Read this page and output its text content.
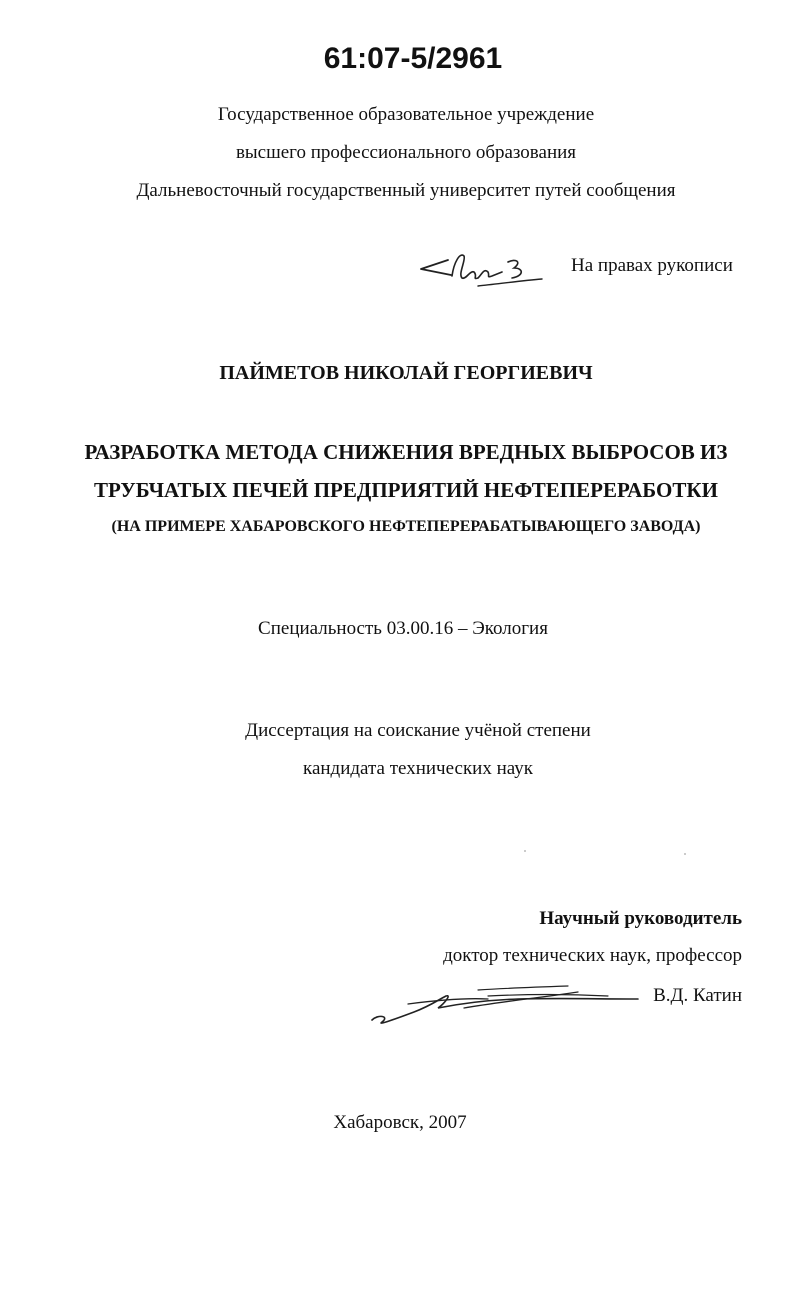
61:07-5/2961
Государственное образовательное учреждение
высшего профессионального образования
Дальневосточный государственный университет путей сообщения
На правах рукописи
ПАЙМЕТОВ НИКОЛАЙ ГЕОРГИЕВИЧ
РАЗРАБОТКА МЕТОДА СНИЖЕНИЯ ВРЕДНЫХ ВЫБРОСОВ ИЗ
ТРУБЧАТЫХ ПЕЧЕЙ ПРЕДПРИЯТИЙ НЕФТЕПЕРЕРАБОТКИ
(НА ПРИМЕРЕ ХАБАРОВСКОГО НЕФТЕПЕРЕРАБАТЫВАЮЩЕГО ЗАВОДА)
Специальность 03.00.16 – Экология
Диссертация на соискание учёной степени
кандидата технических наук
Научный руководитель
доктор технических наук, профессор
В.Д. Катин
Хабаровск, 2007
